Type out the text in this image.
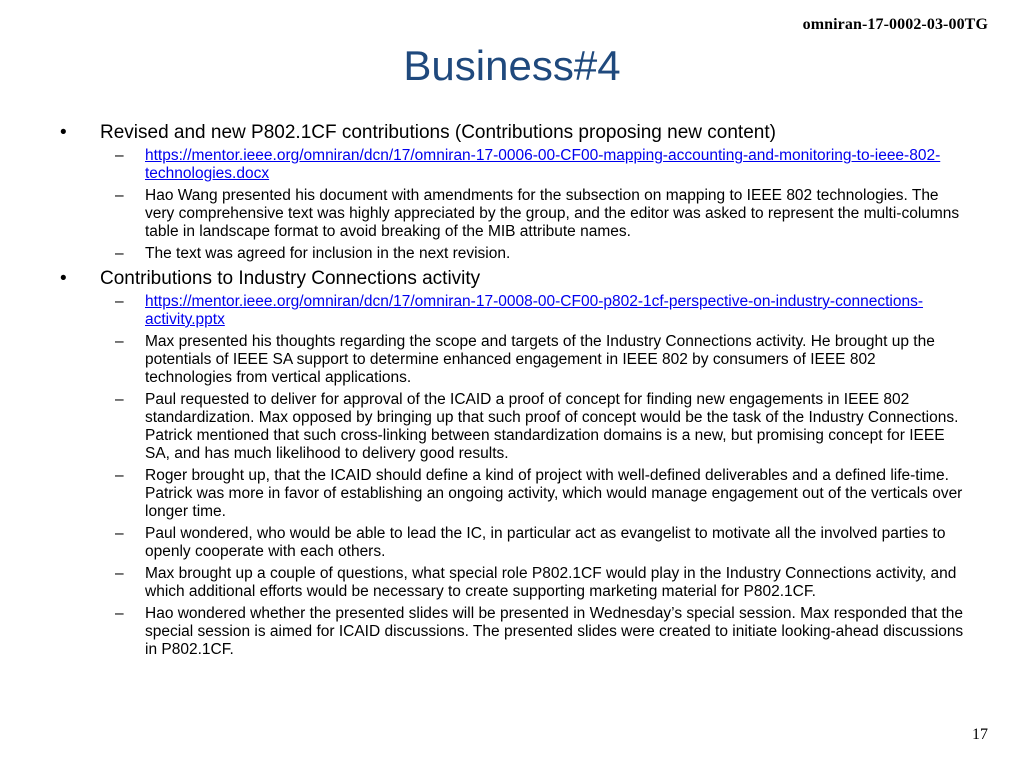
omniran-17-0002-03-00TG
Business#4
• Revised and new P802.1CF contributions (Contributions proposing new content)
– https://mentor.ieee.org/omniran/dcn/17/omniran-17-0006-00-CF00-mapping-accounting-and-monitoring-to-ieee-802-technologies.docx
– Hao Wang presented his document with amendments for the subsection on mapping to IEEE 802 technologies. The very comprehensive text was highly appreciated by the group, and the editor was asked to represent the multi-columns table in landscape format to avoid breaking of the MIB attribute names.
– The text was agreed for inclusion in the next revision.
• Contributions to Industry Connections activity
– https://mentor.ieee.org/omniran/dcn/17/omniran-17-0008-00-CF00-p802-1cf-perspective-on-industry-connections-activity.pptx
– Max presented his thoughts regarding the scope and targets of the Industry Connections activity. He brought up the potentials of IEEE SA support to determine enhanced engagement in IEEE 802 by consumers of IEEE 802 technologies from vertical applications.
– Paul requested to deliver for approval of the ICAID a proof of concept for finding new engagements in IEEE 802 standardization. Max opposed by bringing up that such proof of concept would be the task of the Industry Connections. Patrick mentioned that such cross-linking between standardization domains is a new, but promising concept for IEEE SA, and has much likelihood to delivery good results.
– Roger brought up, that the ICAID should define a kind of project with well-defined deliverables and a defined life-time. Patrick was more in favor of establishing an ongoing activity, which would manage engagement out of the verticals over longer time.
– Paul wondered, who would be able to lead the IC, in particular act as evangelist to motivate all the involved parties to openly cooperate with each others.
– Max brought up a couple of questions, what special role P802.1CF would play in the Industry Connections activity, and which additional efforts would be necessary to create supporting marketing material for P802.1CF.
– Hao wondered whether the presented slides will be presented in Wednesday’s special session. Max responded that the special session is aimed for ICAID discussions. The presented slides were created to initiate looking-ahead discussions in P802.1CF.
17
